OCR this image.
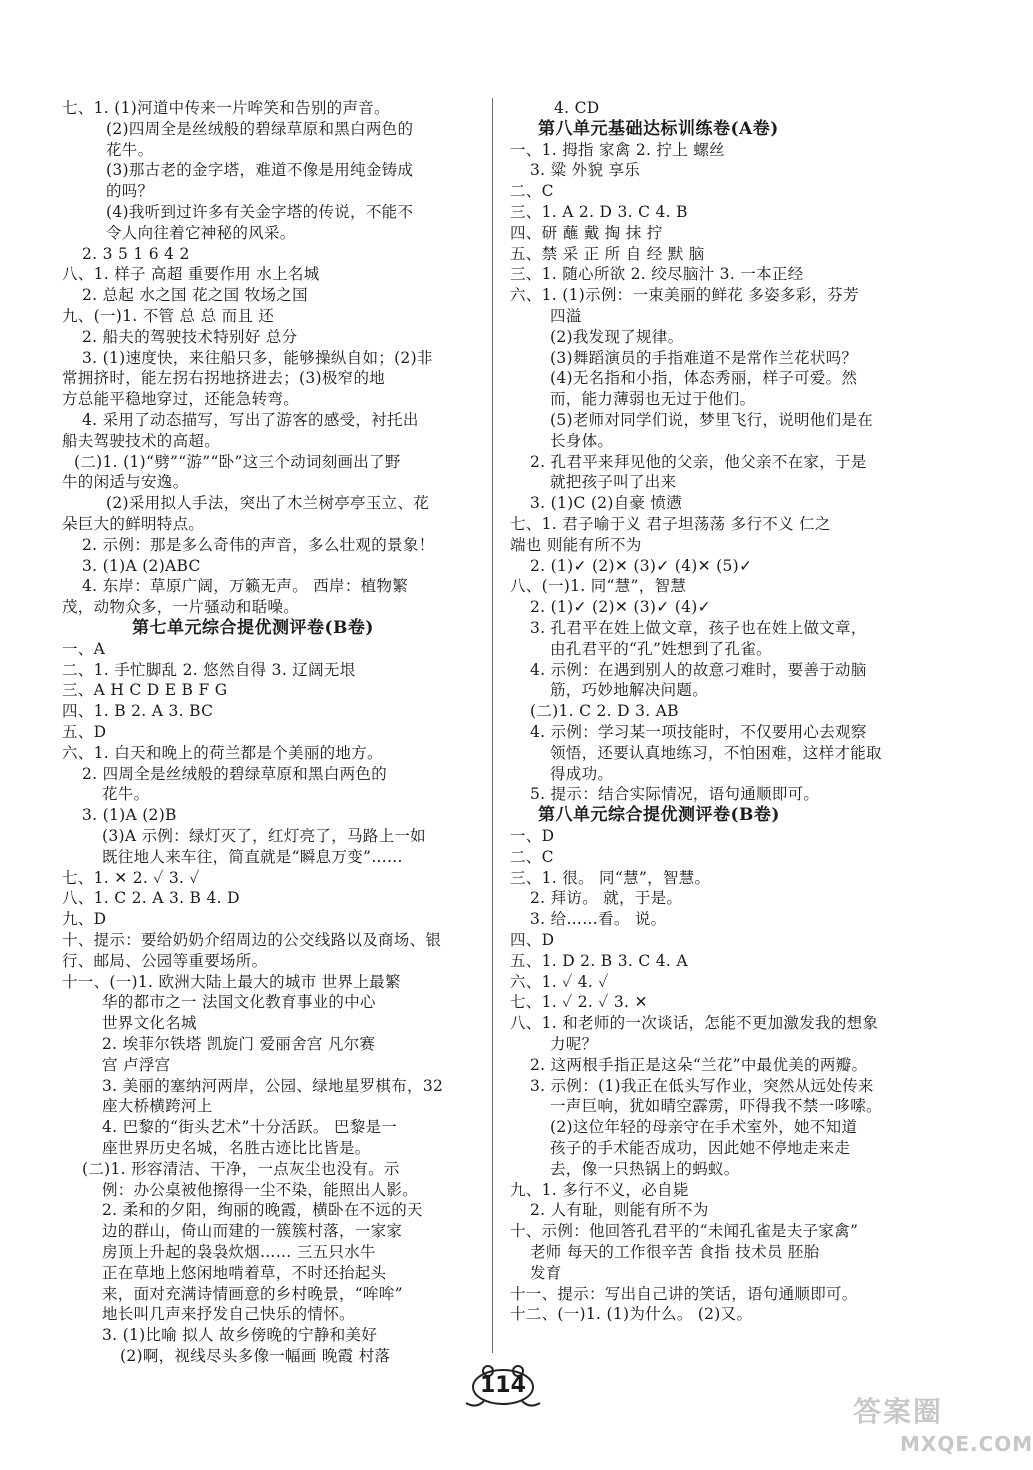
七、1. (1)河道中传来一片哞笑和告别的声音。
(2)四周全是丝绒般的碧绿草原和黑白两色的
花牛。
(3)那古老的金字塔，难道不像是用纯金铸成
的吗？
(4)我听到过许多有关金字塔的传说，不能不
令人向往着它神秘的风采。
2. 3 5 1 6 4 2
八、1. 样子 高超 重要作用 水上名城
2. 总起 水之国 花之国 牧场之国
九、(一)1. 不管 总 总 而且 还
2. 船夫的驾驶技术特别好 总分
3. (1)速度快，来往船只多，能够操纵自如；(2)非
常拥挤时，能左拐右拐地挤进去；(3)极窄的地
方总能平稳地穿过，还能急转弯。
4. 采用了动态描写，写出了游客的感受，衬托出
船夫驾驶技术的高超。
(二)1. (1)“劈”“游”“卧”这三个动词刻画出了野
牛的闲适与安逸。
(2)采用拟人手法，突出了木兰树亭亭玉立、花
朵巨大的鲜明特点。
2. 示例：那是多么奇伟的声音，多么壮观的景象！
3. (1)A (2)ABC
4. 东岸：草原广阔，万籁无声。 西岸：植物繁
茂，动物众多，一片骚动和聒噪。
第七单元综合提优测评卷(B卷)
一、A
二、1. 手忙脚乱 2. 悠然自得 3. 辽阔无垠
三、A H C D E B F G
四、1. B 2. A 3. BC
五、D
六、1. 白天和晚上的荷兰都是个美丽的地方。
2. 四周全是丝绒般的碧绿草原和黑白两色的
花牛。
3. (1)A (2)B
(3)A 示例：绿灯灭了，红灯亮了，马路上一如
既往地人来车往，简直就是“瞬息万变”……
七、1. ✕ 2. ✓ 3. ✓
八、1. C 2. A 3. B 4. D
九、D
十、提示：要给奶奶介绍周边的公交线路以及商场、银
行、邮局、公园等重要场所。
十一、(一)1. 欧洲大陆上最大的城市 世界上最繁
华的都市之一 法国文化教育事业的中心
世界文化名城
2. 埃菲尔铁塔 凯旋门 爱丽舍宫 凡尔赛
宫 卢浮宫
3. 美丽的塞纳河两岸，公园、绿地星罗棋布，32
座大桥横跨河上
4. 巴黎的“街头艺术”十分活跃。 巴黎是一
座世界历史名城，名胜古迹比比皆是。
(二)1. 形容清洁、干净，一点灰尘也没有。示
例：办公桌被他擦得一尘不染，能照出人影。
2. 柔和的夕阳，绚丽的晚霞，横卧在不远的天
边的群山，倚山而建的一簇簇村落，一家家
房顶上升起的袅袅炊烟…… 三五只水牛
正在草地上悠闲地啃着草，不时还抬起头
来，面对充满诗情画意的乡村晚景，“哞哞”
地长叫几声来抒发自己快乐的情怀。
3. (1)比喻 拟人 故乡傍晚的宁静和美好
(2)啊，视线尽头多像一幅画 晚霞 村落
4. CD
第八单元基础达标训练卷(A卷)
一、1. 拇指 家禽 2. 拧上 螺丝
3. 粱 外貌 享乐
二、C
三、1. A 2. D 3. C 4. B
四、研 蘸 戴 掏 抹 拧
五、禁 采 正 所 自 经 默 脑
三、1. 随心所欲 2. 绞尽脑汁 3. 一本正经
六、1. (1)示例：一束美丽的鲜花 多姿多彩，芬芳
四溢
(2)我发现了规律。
(3)舞蹈演员的手指难道不是常作兰花状吗？
(4)无名指和小指，体态秀丽，样子可爱。然
而，能力薄弱也无过于他们。
(5)老师对同学们说，梦里飞行，说明他们是在
长身体。
2. 孔君平来拜见他的父亲，他父亲不在家，于是
就把孩子叫了出来
3. (1)C (2)自豪 愤懑
七、1. 君子喻于义 君子坦荡荡 多行不义 仁之
端也 则能有所不为
2. (1)✓ (2)✕ (3)✓ (4)✕ (5)✓
八、(一)1. 同“慧”，智慧
2. (1)✓ (2)✕ (3)✓ (4)✓
3. 孔君平在姓上做文章，孩子也在姓上做文章，
由孔君平的“孔”姓想到了孔雀。
4. 示例：在遇到别人的故意刁难时，要善于动脑
筋，巧妙地解决问题。
(二)1. C 2. D 3. AB
4. 示例：学习某一项技能时，不仅要用心去观察
领悟，还要认真地练习，不怕困难，这样才能取
得成功。
5. 提示：结合实际情况，语句通顺即可。
第八单元综合提优测评卷(B卷)
一、D
二、C
三、1. 很。 同“慧”，智慧。
2. 拜访。 就，于是。
3. 给……看。 说。
四、D
五、1. D 2. B 3. C 4. A
六、1. ✓ 4. ✓
七、1. ✓ 2. ✓ 3. ✕
八、1. 和老师的一次谈话，怎能不更加激发我的想象
力呢？
2. 这两根手指正是这朵“兰花”中最优美的两瓣。
3. 示例：(1)我正在低头写作业，突然从远处传来
一声巨响，犹如晴空霹雳，吓得我不禁一哆嗦。
(2)这位年轻的母亲守在手术室外，她不知道
孩子的手术能否成功，因此她不停地走来走
去，像一只热锅上的蚂蚁。
九、1. 多行不义，必自毙
2. 人有耻，则能有所不为
十、示例：他回答孔君平的“未闻孔雀是夫子家禽”
老师 每天的工作很辛苦 食指 技术员 胚胎
发育
十一、提示：写出自己讲的笑话，语句通顺即可。
十二、(一)1. (1)为什么。 (2)又。
114
答案圈
MXQE.COM
